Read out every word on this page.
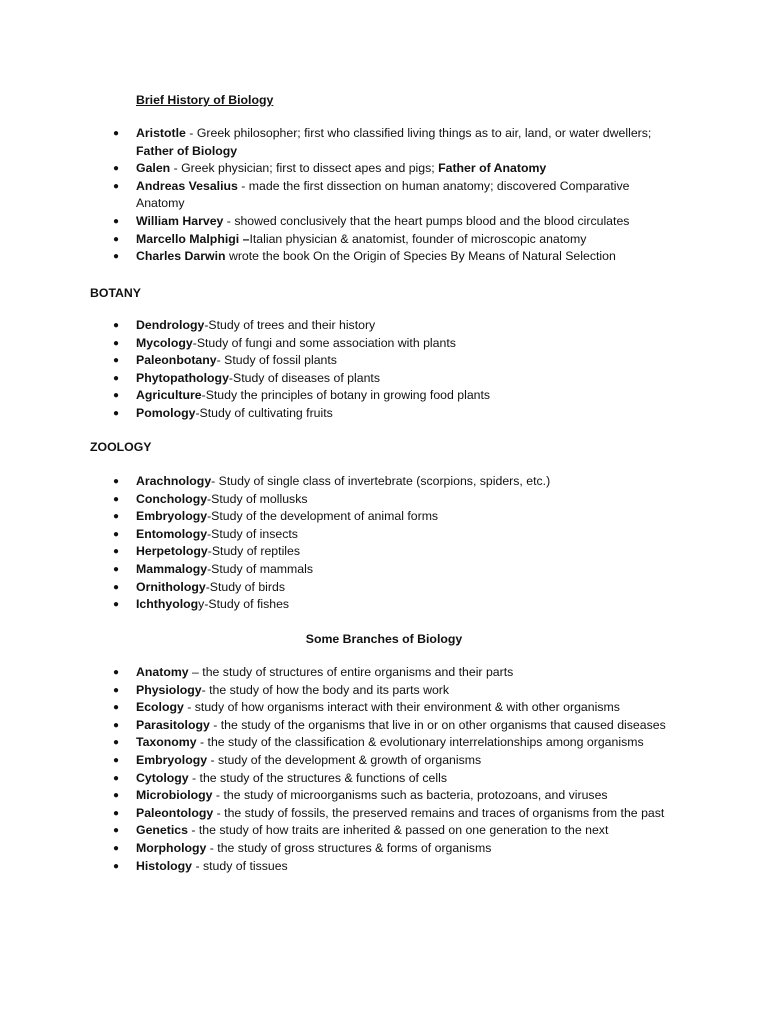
Brief History of Biology
● Aristotle - Greek philosopher; first who classified living things as to air, land, or water dwellers; Father of Biology
● Galen - Greek physician; first to dissect apes and pigs; Father of Anatomy
● Andreas Vesalius - made the first dissection on human anatomy; discovered Comparative Anatomy
● William Harvey - showed conclusively that the heart pumps blood and the blood circulates
● Marcello Malphigi –Italian physician & anatomist, founder of microscopic anatomy
● Charles Darwin wrote the book On the Origin of Species By Means of Natural Selection
BOTANY
● Dendrology-Study of trees and their history
● Mycology-Study of fungi and some association with plants
● Paleonbotany- Study of fossil plants
● Phytopathology-Study of diseases of plants
● Agriculture-Study the principles of botany in growing food plants
● Pomology-Study of cultivating fruits
ZOOLOGY
● Arachnology- Study of single class of invertebrate (scorpions, spiders, etc.)
● Conchology-Study of mollusks
● Embryology-Study of the development of animal forms
● Entomology-Study of insects
● Herpetology-Study of reptiles
● Mammalogy-Study of mammals
● Ornithology-Study of birds
● Ichthyology-Study of fishes
Some Branches of Biology
● Anatomy – the study of structures of entire organisms and their parts
● Physiology- the study of how the body and its parts work
● Ecology - study of how organisms interact with their environment & with other organisms
● Parasitology - the study of the organisms that live in or on other organisms that caused diseases
● Taxonomy - the study of the classification & evolutionary interrelationships among organisms
● Embryology - study of the development & growth of organisms
● Cytology - the study of the structures & functions of cells
● Microbiology - the study of microorganisms such as bacteria, protozoans, and viruses
● Paleontology - the study of fossils, the preserved remains and traces of organisms from the past
● Genetics - the study of how traits are inherited & passed on one generation to the next
● Morphology - the study of gross structures & forms of organisms
● Histology - study of tissues
